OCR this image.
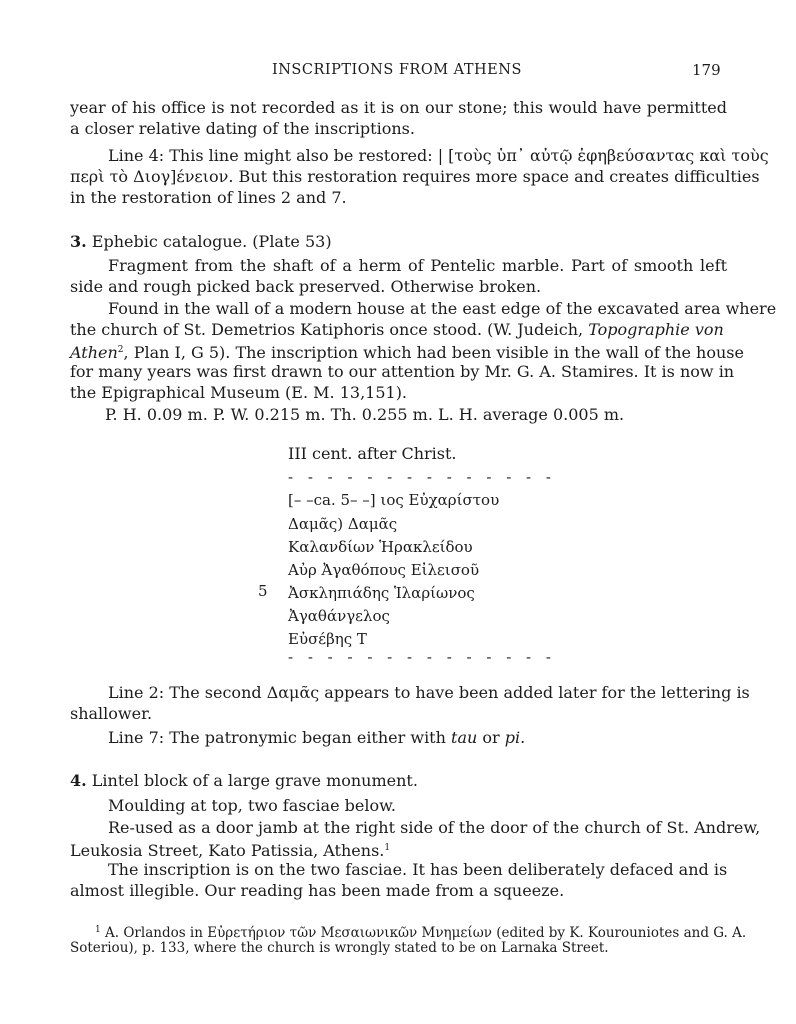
INSCRIPTIONS FROM ATHENS	179

year of his office is not recorded as it is on our stone; this would have permitted a closer relative dating of the inscriptions.

Line 4: This line might also be restored: | [τοὺς ὑπ᾽ αὐτῷ ἐφηβεύσαντας καὶ τοὺς
περὶ τὸ Διογ]ένειον. But this restoration requires more space and creates difficulties
in the restoration of lines 2 and 7.
3. Ephebic catalogue. (Plate 53)

Fragment from the shaft of a herm of Pentelic marble. Part of smooth left side and rough picked back preserved. Otherwise broken.

Found in the wall of a modern house at the east edge of the excavated area where
the church of St. Demetrios Katiphoris once stood. (W. Judeich, Topographie von
Athen$^2$, Plan I, G 5). The inscription which had been visible in the wall of the house
for many years was first drawn to our attention by Mr. G. A. Stamires. It is now in
the Epigraphical Museum (E. M. 13,151).
P. H. 0.09 m. P. W. 0.215 m. Th. 0.255 m. L. H. average 0.005 m.
III cent. after Christ.
- - - - - - - - - - - - - -
[– –ca. 5– –] ιος Εὐχαρίστου
Δαμᾶς) Δαμᾶς
Καλανδίων Ἡρακλείδου
Αὐρ Ἀγαθόπους Εἰλεισοῦ
5 Ἀσκληπιάδης Ἱλαρίωνος
Ἀγαθάνγελος
Εὐσέβης Τ
- - - - - - - - - - - - - -
Line 2: The second Δαμᾶς appears to have been added later for the lettering is
shallower.
Line 7: The patronymic began either with tau or pi.
4. Lintel block of a large grave monument.
Moulding at top, two fasciae below.
Re-used as a door jamb at the right side of the door of the church of St. Andrew,
Leukosia Street, Kato Patissia, Athens.$^1$
The inscription is on the two fasciae. It has been deliberately defaced and is
almost illegible. Our reading has been made from a squeeze.
$^1$ A. Orlandos in Εὐρετήριον τῶν Μεσαιωνικῶν Μνημείων (edited by K. Kourouniotes and G. A.
Soteriou), p. 133, where the church is wrongly stated to be on Larnaka Street.
